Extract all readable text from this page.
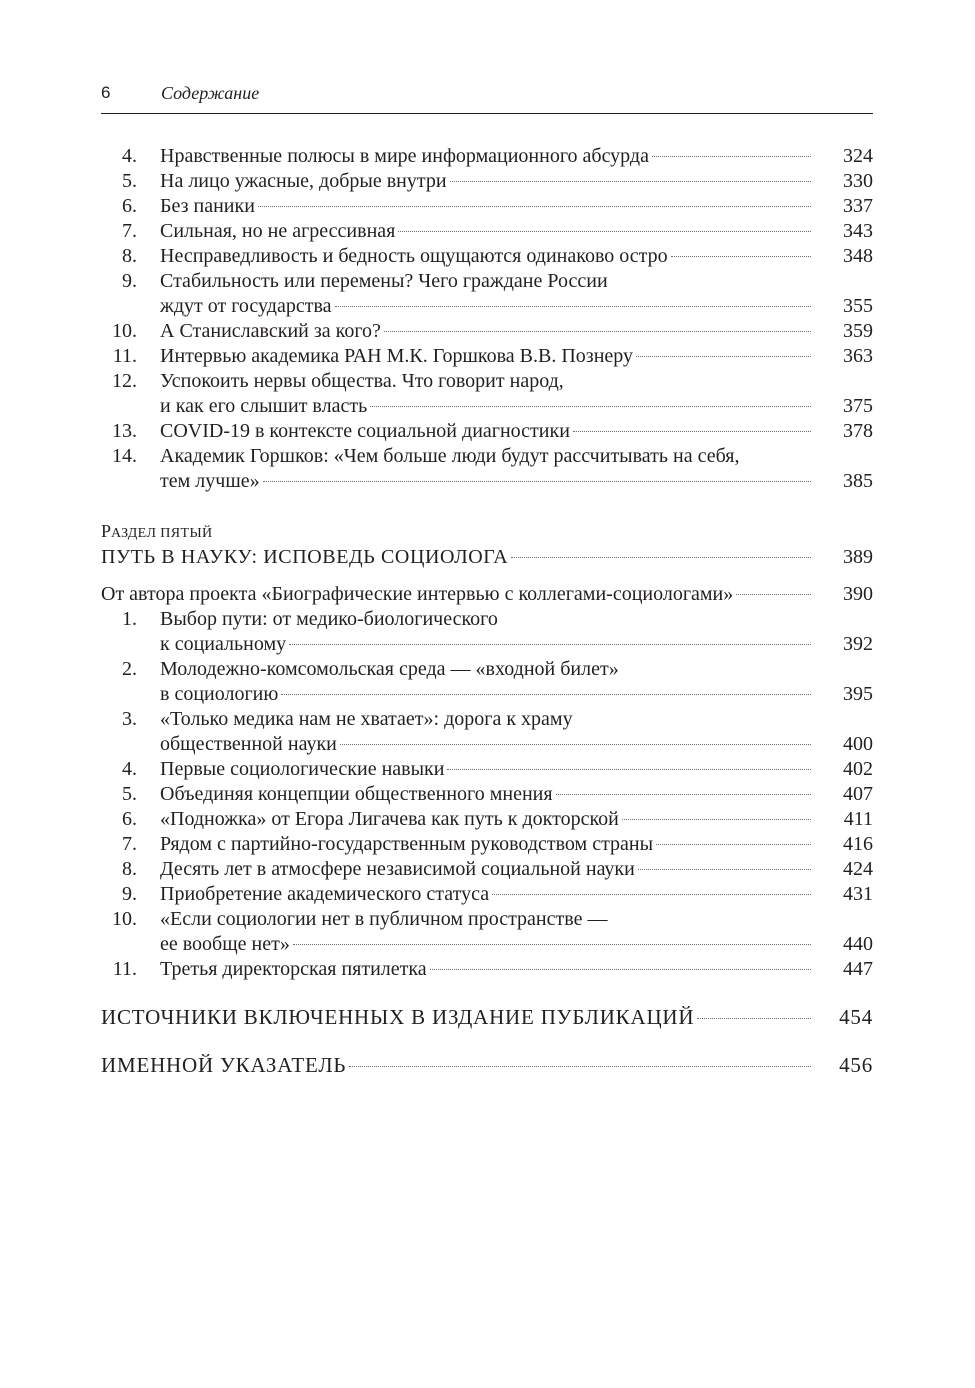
6	Содержание
4. Нравственные полюсы в мире информационного абсурда	324
5. На лицо ужасные, добрые внутри	330
6. Без паники	337
7. Сильная, но не агрессивная	343
8. Несправедливость и бедность ощущаются одинаково остро	348
9. Стабильность или перемены? Чего граждане России
ждут от государства	355
10. А Станиславский за кого?	359
11. Интервью академика РАН М.К. Горшкова В.В. Познеру	363
12. Успокоить нервы общества. Что говорит народ,
и как его слышит власть	375
13. COVID-19 в контексте социальной диагностики	378
14. Академик Горшков: «Чем больше люди будут рассчитывать на себя,
тем лучше»	385
РАЗДЕЛ ПЯТЫЙ
ПУТЬ В НАУКУ: ИСПОВЕДЬ СОЦИОЛОГА	389
От автора проекта «Биографические интервью с коллегами-социологами»	390
1. Выбор пути: от медико-биологического
к социальному	392
2. Молодежно-комсомольская среда — «входной билет»
в социологию	395
3. «Только медика нам не хватает»: дорога к храму
общественной науки	400
4. Первые социологические навыки	402
5. Объединяя концепции общественного мнения	407
6. «Подножка» от Егора Лигачева как путь к докторской	411
7. Рядом с партийно-государственным руководством страны	416
8. Десять лет в атмосфере независимой социальной науки	424
9. Приобретение академического статуса	431
10. «Если социологии нет в публичном пространстве —
ее вообще нет»	440
11. Третья директорская пятилетка	447
ИСТОЧНИКИ ВКЛЮЧЕННЫХ В ИЗДАНИЕ ПУБЛИКАЦИЙ	454
ИМЕННОЙ УКАЗАТЕЛЬ	456
